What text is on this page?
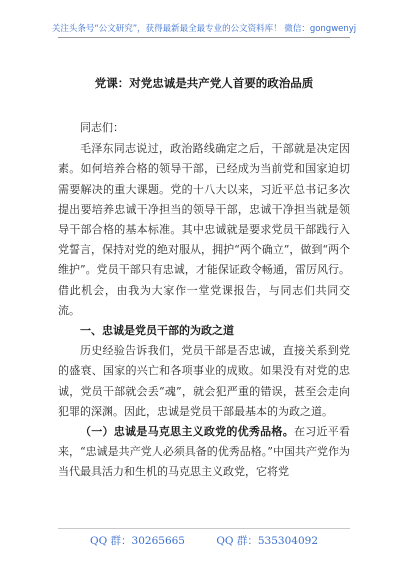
关注头条号“公文研究”，获得最新最全最专业的公文资料库！ 微信：gongwenyj
党课：对党忠诚是共产党人首要的政治品质

同志们：

毛泽东同志说过，政治路线确定之后，干部就是决定因素。如何培养合格的领导干部，已经成为当前党和国家迫切需要解决的重大课题。党的十八大以来，习近平总书记多次提出要培养忠诚干净担当的领导干部，忠诚干净担当就是领导干部合格的基本标准。其中忠诚就是要求党员干部践行入党誓言，保持对党的绝对服从，拥护“两个确立”，做到“两个维护”。党员干部只有忠诚，才能保证政令畅通，雷厉风行。借此机会，由我为大家作一堂党课报告，与同志们共同交流。

一、忠诚是党员干部的为政之道

历史经验告诉我们，党员干部是否忠诚，直接关系到党的盛衰、国家的兴亡和各项事业的成败。如果没有对党的忠诚，党员干部就会丢“魂”，就会犯严重的错误，甚至会走向犯罪的深渊。因此，忠诚是党员干部最基本的为政之道。

（一）忠诚是马克思主义政党的优秀品格。在习近平看来，“忠诚是共产党人必须具备的优秀品格。”中国共产党作为当代最具活力和生机的马克思主义政党，它将党

QQ 群：30265665	QQ 群：535304092
